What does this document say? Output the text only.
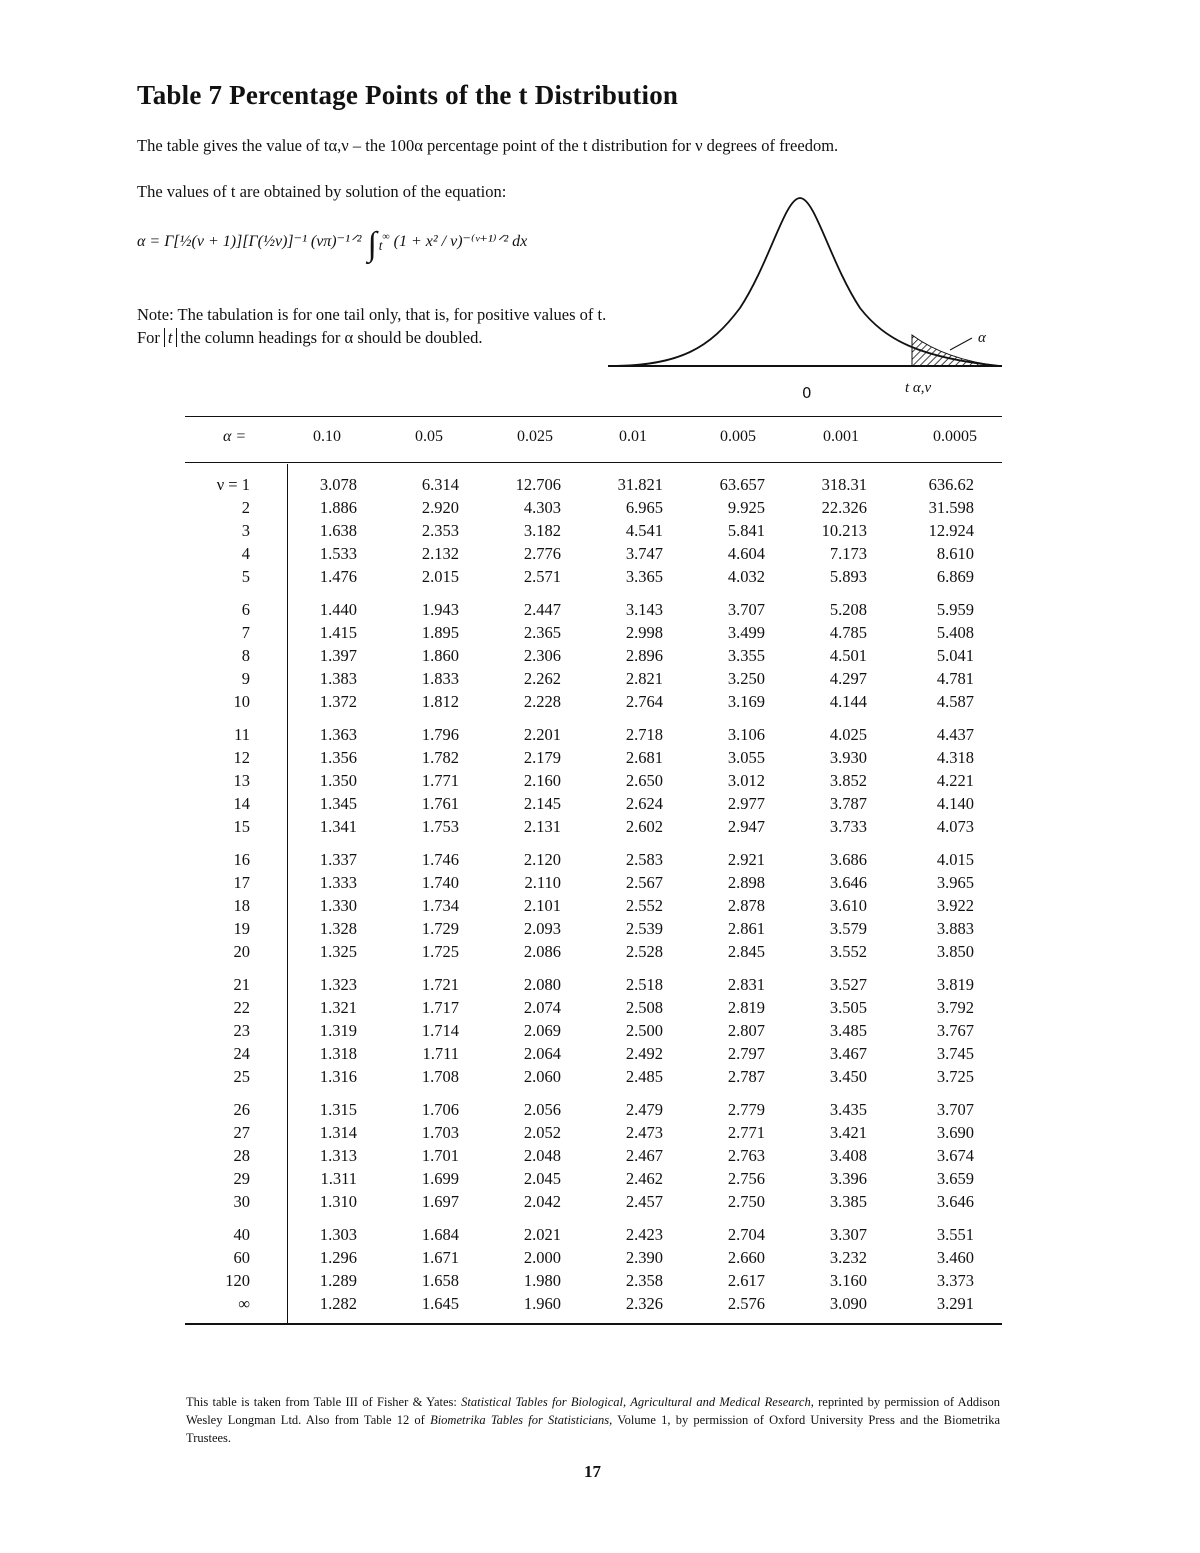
Table 7 Percentage Points of the t Distribution
The table gives the value of tα,ν – the 100α percentage point of the t distribution for ν degrees of freedom.
The values of t are obtained by solution of the equation:
α = Γ[½(ν + 1)][Γ(½ν)]⁻¹ (νπ)⁻¹ᐟ² ∫ $_t$∞ (1 + x² / ν)⁻⁽ᵛ⁺¹⁾ᐟ² dx
Note: The tabulation is for one tail only, that is, for positive values of t.
For t the column headings for α should be doubled.
0	t α,ν
α
α =	0.10	0.05	0.025	0.01	0.005	0.001	0.0005
ν = 1	3.078	6.314	12.706	31.821	63.657	318.31	636.62
2	1.886	2.920	4.303	6.965	9.925	22.326	31.598
3	1.638	2.353	3.182	4.541	5.841	10.213	12.924
4	1.533	2.132	2.776	3.747	4.604	7.173	8.610
5	1.476	2.015	2.571	3.365	4.032	5.893	6.869
6	1.440	1.943	2.447	3.143	3.707	5.208	5.959
7	1.415	1.895	2.365	2.998	3.499	4.785	5.408
8	1.397	1.860	2.306	2.896	3.355	4.501	5.041
9	1.383	1.833	2.262	2.821	3.250	4.297	4.781
10	1.372	1.812	2.228	2.764	3.169	4.144	4.587
11	1.363	1.796	2.201	2.718	3.106	4.025	4.437
12	1.356	1.782	2.179	2.681	3.055	3.930	4.318
13	1.350	1.771	2.160	2.650	3.012	3.852	4.221
14	1.345	1.761	2.145	2.624	2.977	3.787	4.140
15	1.341	1.753	2.131	2.602	2.947	3.733	4.073
16	1.337	1.746	2.120	2.583	2.921	3.686	4.015
17	1.333	1.740	2.110	2.567	2.898	3.646	3.965
18	1.330	1.734	2.101	2.552	2.878	3.610	3.922
19	1.328	1.729	2.093	2.539	2.861	3.579	3.883
20	1.325	1.725	2.086	2.528	2.845	3.552	3.850
21	1.323	1.721	2.080	2.518	2.831	3.527	3.819
22	1.321	1.717	2.074	2.508	2.819	3.505	3.792
23	1.319	1.714	2.069	2.500	2.807	3.485	3.767
24	1.318	1.711	2.064	2.492	2.797	3.467	3.745
25	1.316	1.708	2.060	2.485	2.787	3.450	3.725
26	1.315	1.706	2.056	2.479	2.779	3.435	3.707
27	1.314	1.703	2.052	2.473	2.771	3.421	3.690
28	1.313	1.701	2.048	2.467	2.763	3.408	3.674
29	1.311	1.699	2.045	2.462	2.756	3.396	3.659
30	1.310	1.697	2.042	2.457	2.750	3.385	3.646
40	1.303	1.684	2.021	2.423	2.704	3.307	3.551
60	1.296	1.671	2.000	2.390	2.660	3.232	3.460
120	1.289	1.658	1.980	2.358	2.617	3.160	3.373
∞	1.282	1.645	1.960	2.326	2.576	3.090	3.291
This table is taken from Table III of Fisher & Yates: Statistical Tables for Biological, Agricultural and Medical Research, reprinted by permission of Addison Wesley Longman Ltd. Also from Table 12 of Biometrika Tables for Statisticians, Volume 1, by permission of Oxford University Press and the Biometrika Trustees.
17
